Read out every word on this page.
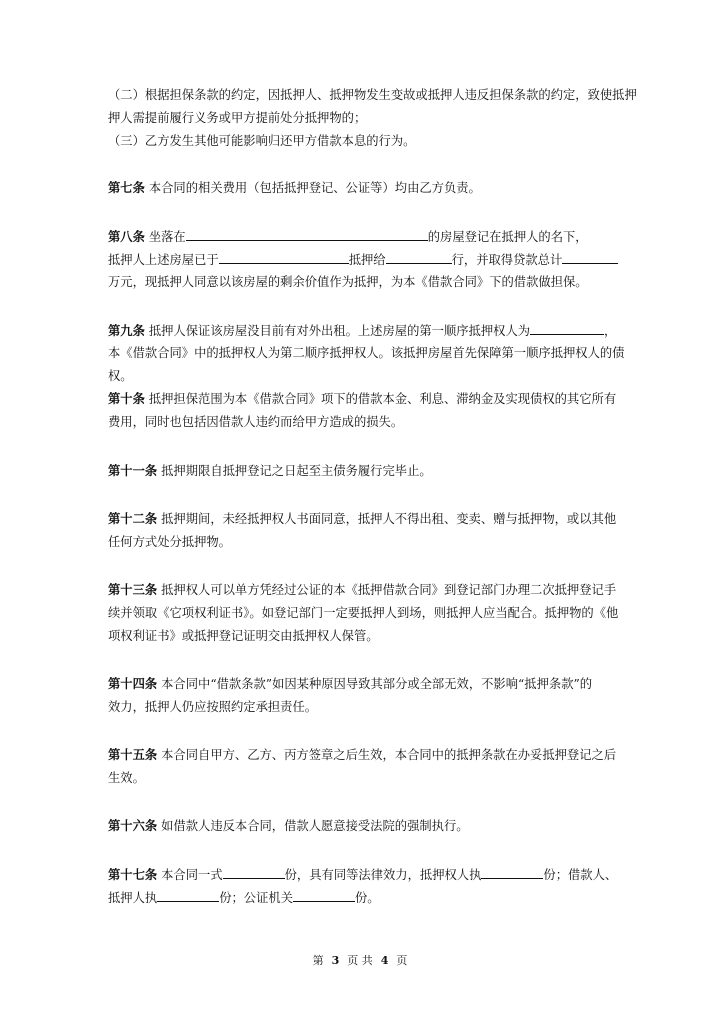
（二）根据担保条款的约定，因抵押人、抵押物发生变故或抵押人违反担保条款的约定，致使抵押
押人需提前履行义务或甲方提前处分抵押物的；
（三）乙方发生其他可能影响归还甲方借款本息的行为。
第七条 本合同的相关费用（包括抵押登记、公证等）均由乙方负责。
第八条 坐落在	的房屋登记在抵押人的名下，
抵押人上述房屋已于	抵押给	行，并取得贷款总计
万元，现抵押人同意以该房屋的剩余价值作为抵押，为本《借款合同》下的借款做担保。
第九条 抵押人保证该房屋没目前有对外出租。上述房屋的第一顺序抵押权人为	，
本《借款合同》中的抵押权人为第二顺序抵押权人。该抵押房屋首先保障第一顺序抵押权人的债
权。
第十条 抵押担保范围为本《借款合同》项下的借款本金、利息、滞纳金及实现债权的其它所有
费用，同时也包括因借款人违约而给甲方造成的损失。
第十一条 抵押期限自抵押登记之日起至主债务履行完毕止。
第十二条 抵押期间，未经抵押权人书面同意，抵押人不得出租、变卖、赠与抵押物，或以其他
任何方式处分抵押物。
第十三条 抵押权人可以单方凭经过公证的本《抵押借款合同》到登记部门办理二次抵押登记手
续并领取《它项权利证书》。如登记部门一定要抵押人到场，则抵押人应当配合。抵押物的《他
项权利证书》或抵押登记证明交由抵押权人保管。
第十四条 本合同中“借款条款”如因某种原因导致其部分或全部无效，不影响“抵押条款”的
效力，抵押人仍应按照约定承担责任。
第十五条 本合同自甲方、乙方、丙方签章之后生效，本合同中的抵押条款在办妥抵押登记之后
生效。
第十六条 如借款人违反本合同，借款人愿意接受法院的强制执行。
第十七条 本合同一式	份，具有同等法律效力，抵押权人执	份；借款人、
抵押人执	份；公证机关	份。
第 3 页 共 4 页
